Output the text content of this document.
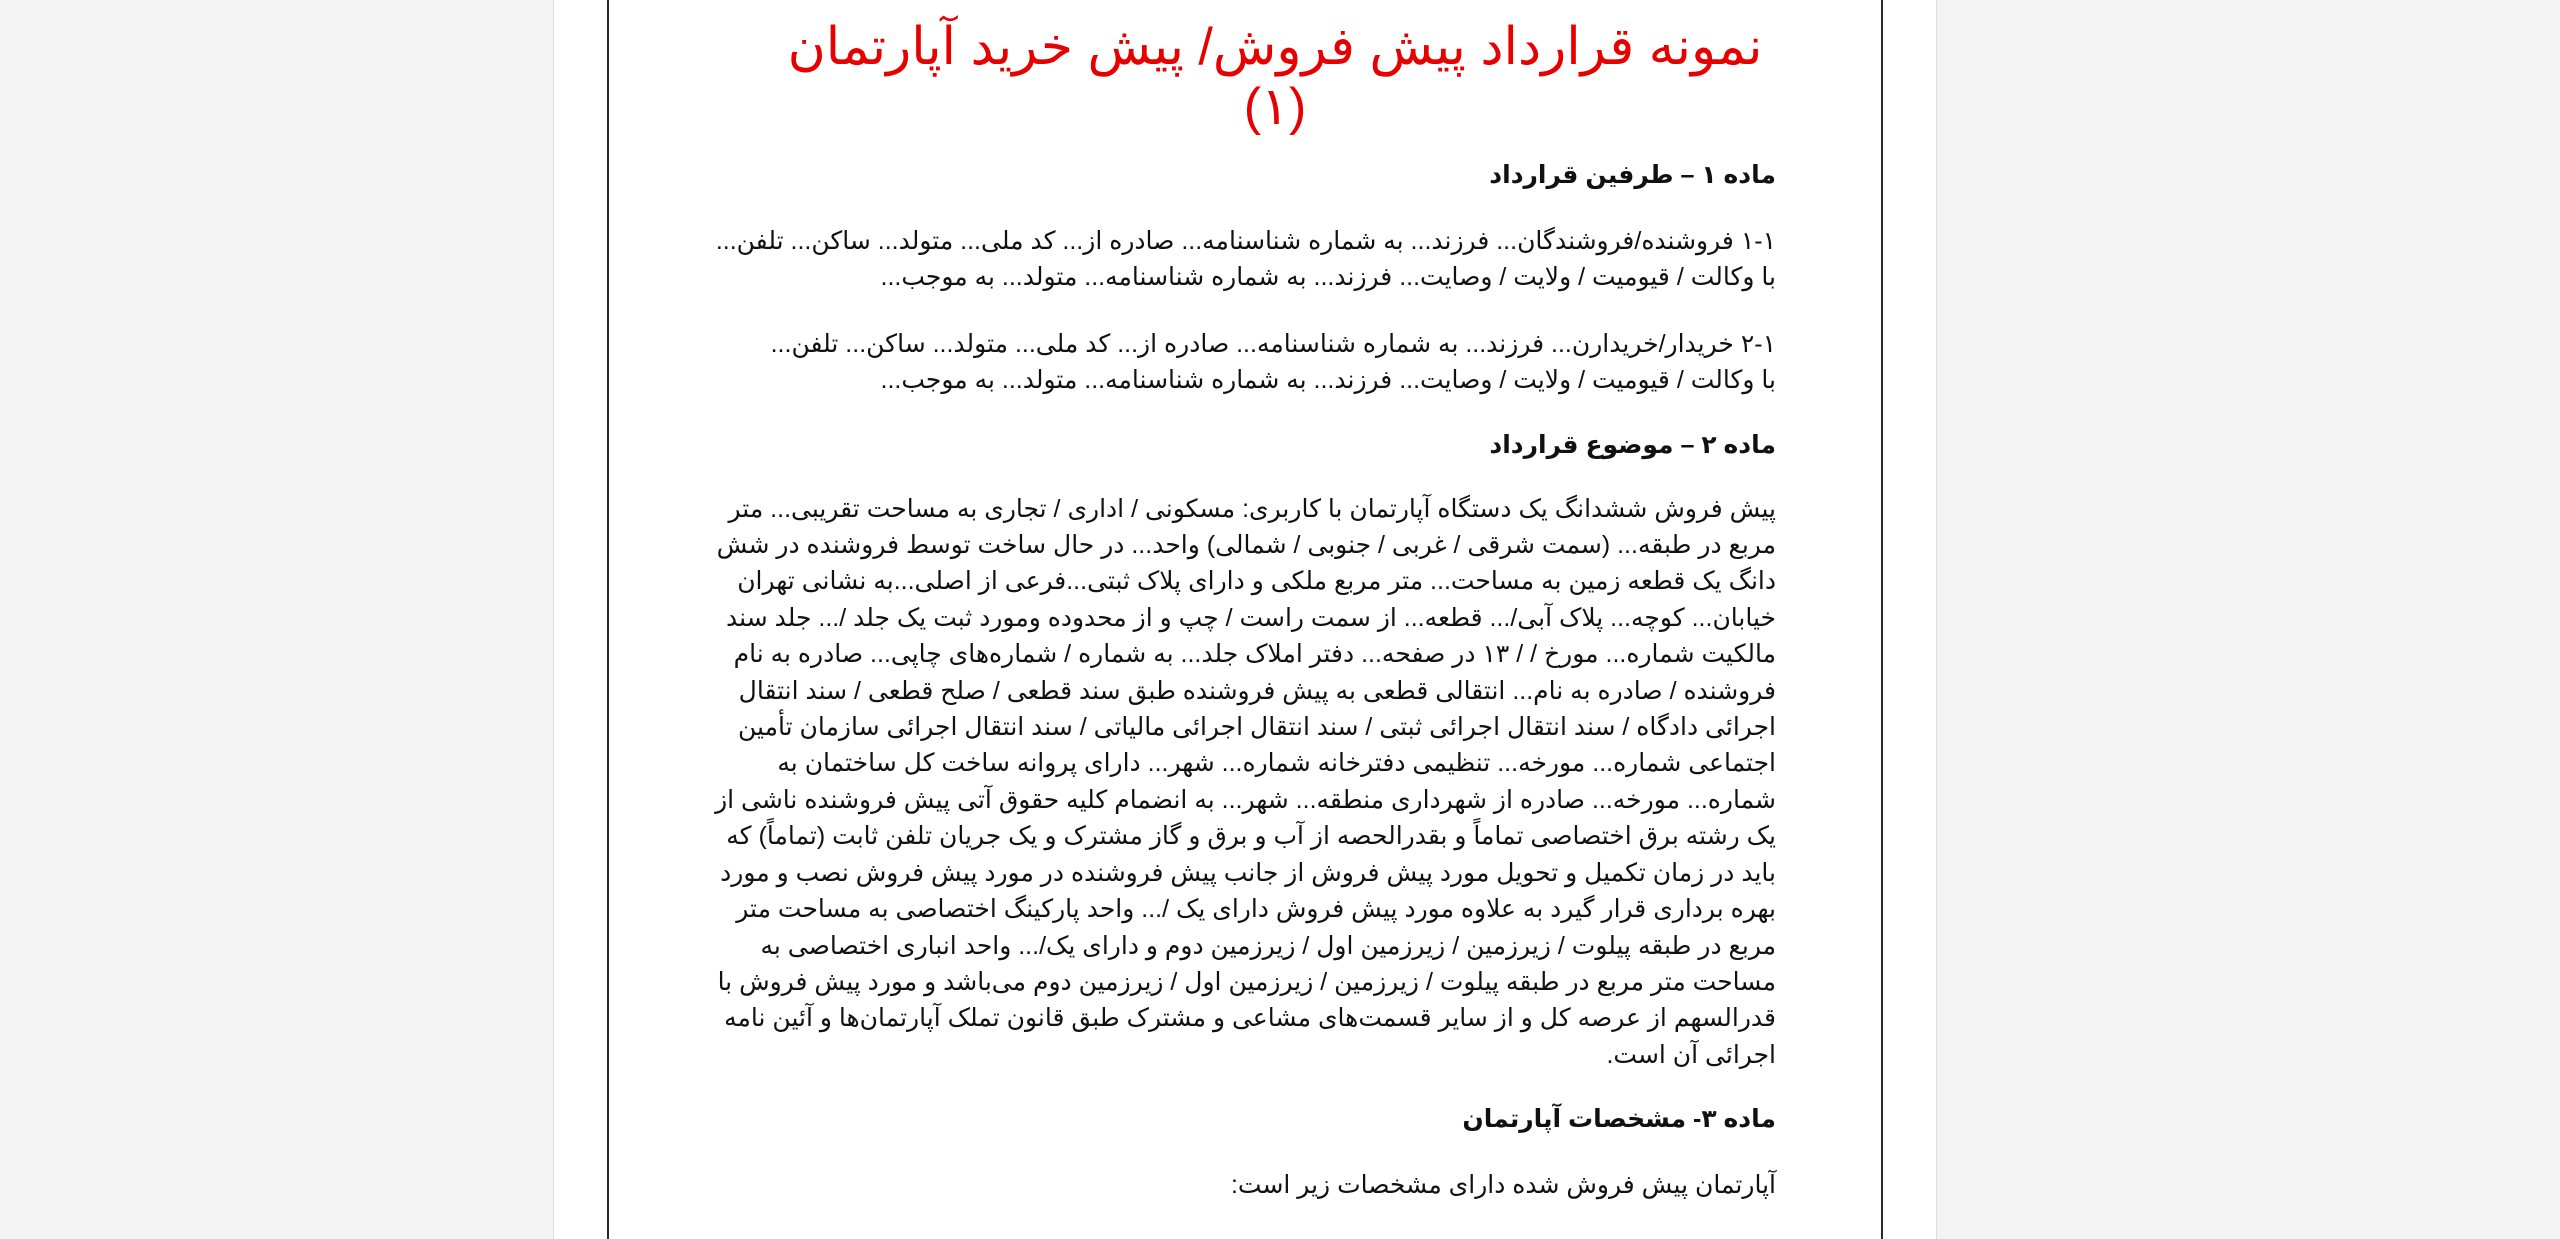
نمونه قرارداد پیش فروش/ پیش خرید آپارتمان (۱)

ماده ۱ – طرفین قرارداد

۱-۱ فروشنده/فروشندگان... فرزند... به شماره شناسنامه... صادره از... کد ملی... متولد... ساکن... تلفن...

با وکالت / قیومیت / ولایت / وصایت... فرزند... به شماره شناسنامه... متولد... به موجب...

۲-۱ خریدار/خریدارن... فرزند... به شماره شناسنامه... صادره از... کد ملی... متولد... ساکن... تلفن...

با وکالت / قیومیت / ولایت / وصایت... فرزند... به شماره شناسنامه... متولد... به موجب...

ماده ۲ – موضوع قرارداد

پیش فروش ششدانگ یک دستگاه آپارتمان با کاربری: مسکونی / اداری / تجاری به مساحت تقریبی... متر مربع در طبقه... (سمت شرقی / غربی / جنوبی / شمالی) واحد... در حال ساخت توسط فروشنده در شش دانگ یک قطعه زمین به مساحت... متر مربع ملکی و دارای پلاک ثبتی...فرعی از اصلی...به نشانی تهران خیابان... کوچه... پلاک آبی/... قطعه... از سمت راست / چپ و از محدوده ومورد ثبت یک جلد /... جلد سند مالکیت شماره... مورخ / / ۱۳ در صفحه... دفتر املاک جلد... به شماره / شماره‌های چاپی... صادره به نام فروشنده / صادره به نام... انتقالی قطعی به پیش فروشنده طبق سند قطعی / صلح قطعی / سند انتقال اجرائی دادگاه / سند انتقال اجرائی ثبتی / سند انتقال اجرائی مالیاتی / سند انتقال اجرائی سازمان تأمین اجتماعی شماره... مورخه... تنظیمی دفترخانه شماره... شهر... دارای پروانه ساخت کل ساختمان به شماره... مورخه... صادره از شهرداری منطقه... شهر... به انضمام کلیه حقوق آتی پیش فروشنده ناشی از یک رشته برق اختصاصی تماماً و بقدرالحصه از آب و برق و گاز مشترک و یک جریان تلفن ثابت (تماماً) که باید در زمان تکمیل و تحویل مورد پیش فروش از جانب پیش فروشنده در مورد پیش فروش نصب و مورد بهره برداری قرار گیرد به علاوه مورد پیش فروش دارای یک /... واحد پارکینگ اختصاصی به مساحت متر مربع در طبقه پیلوت / زیرزمین / زیرزمین اول / زیرزمین دوم و دارای یک/... واحد انباری اختصاصی به مساحت متر مربع در طبقه پیلوت / زیرزمین / زیرزمین اول / زیرزمین دوم می‌باشد و مورد پیش فروش با قدرالسهم از عرصه کل و از سایر قسمت‌های مشاعی و مشترک طبق قانون تملک آپارتمان‌ها و آئین نامه اجرائی آن است.

ماده ۳- مشخصات آپارتمان

آپارتمان پیش فروش شده دارای مشخصات زیر است:
